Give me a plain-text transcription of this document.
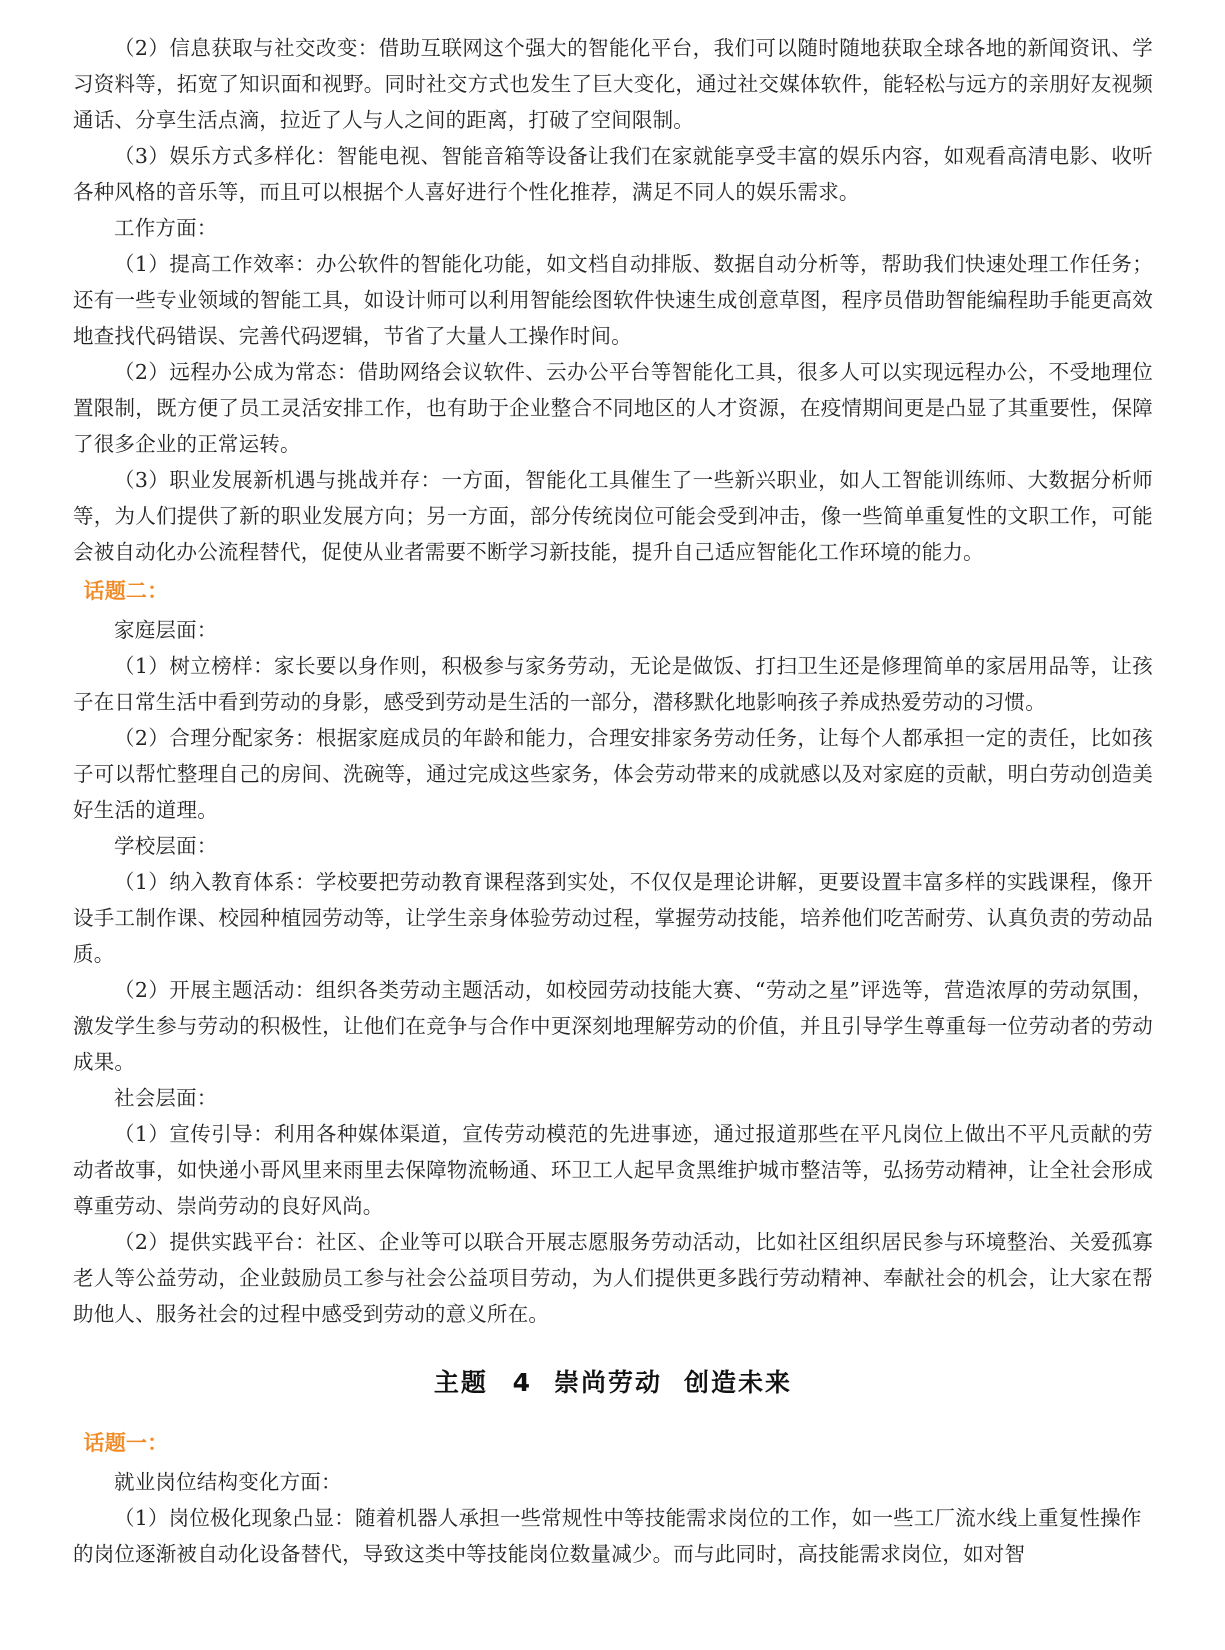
（2）信息获取与社交改变：借助互联网这个强大的智能化平台，我们可以随时随地获取全球各地的新闻资讯、学习资料等，拓宽了知识面和视野。同时社交方式也发生了巨大变化，通过社交媒体软件，能轻松与远方的亲朋好友视频通话、分享生活点滴，拉近了人与人之间的距离，打破了空间限制。

（3）娱乐方式多样化：智能电视、智能音箱等设备让我们在家就能享受丰富的娱乐内容，如观看高清电影、收听各种风格的音乐等，而且可以根据个人喜好进行个性化推荐，满足不同人的娱乐需求。

工作方面：

（1）提高工作效率：办公软件的智能化功能，如文档自动排版、数据自动分析等，帮助我们快速处理工作任务；还有一些专业领域的智能工具，如设计师可以利用智能绘图软件快速生成创意草图，程序员借助智能编程助手能更高效地查找代码错误、完善代码逻辑，节省了大量人工操作时间。

（2）远程办公成为常态：借助网络会议软件、云办公平台等智能化工具，很多人可以实现远程办公，不受地理位置限制，既方便了员工灵活安排工作，也有助于企业整合不同地区的人才资源，在疫情期间更是凸显了其重要性，保障了很多企业的正常运转。

（3）职业发展新机遇与挑战并存：一方面，智能化工具催生了一些新兴职业，如人工智能训练师、大数据分析师等，为人们提供了新的职业发展方向；另一方面，部分传统岗位可能会受到冲击，像一些简单重复性的文职工作，可能会被自动化办公流程替代，促使从业者需要不断学习新技能，提升自己适应智能化工作环境的能力。

话题二：

家庭层面：

（1）树立榜样：家长要以身作则，积极参与家务劳动，无论是做饭、打扫卫生还是修理简单的家居用品等，让孩子在日常生活中看到劳动的身影，感受到劳动是生活的一部分，潜移默化地影响孩子养成热爱劳动的习惯。

（2）合理分配家务：根据家庭成员的年龄和能力，合理安排家务劳动任务，让每个人都承担一定的责任，比如孩子可以帮忙整理自己的房间、洗碗等，通过完成这些家务，体会劳动带来的成就感以及对家庭的贡献，明白劳动创造美好生活的道理。

学校层面：

（1）纳入教育体系：学校要把劳动教育课程落到实处，不仅仅是理论讲解，更要设置丰富多样的实践课程，像开设手工制作课、校园种植园劳动等，让学生亲身体验劳动过程，掌握劳动技能，培养他们吃苦耐劳、认真负责的劳动品质。

（2）开展主题活动：组织各类劳动主题活动，如校园劳动技能大赛、“劳动之星”评选等，营造浓厚的劳动氛围，激发学生参与劳动的积极性，让他们在竞争与合作中更深刻地理解劳动的价值，并且引导学生尊重每一位劳动者的劳动成果。

社会层面：

（1）宣传引导：利用各种媒体渠道，宣传劳动模范的先进事迹，通过报道那些在平凡岗位上做出不平凡贡献的劳动者故事，如快递小哥风里来雨里去保障物流畅通、环卫工人起早贪黑维护城市整洁等，弘扬劳动精神，让全社会形成尊重劳动、崇尚劳动的良好风尚。

（2）提供实践平台：社区、企业等可以联合开展志愿服务劳动活动，比如社区组织居民参与环境整治、关爱孤寡老人等公益劳动，企业鼓励员工参与社会公益项目劳动，为人们提供更多践行劳动精神、奉献社会的机会，让大家在帮助他人、服务社会的过程中感受到劳动的意义所在。

主题 4 崇尚劳动 创造未来

话题一：

就业岗位结构变化方面：

（1）岗位极化现象凸显：随着机器人承担一些常规性中等技能需求岗位的工作，如一些工厂流水线上重复性操作的岗位逐渐被自动化设备替代，导致这类中等技能岗位数量减少。而与此同时，高技能需求岗位，如对智
